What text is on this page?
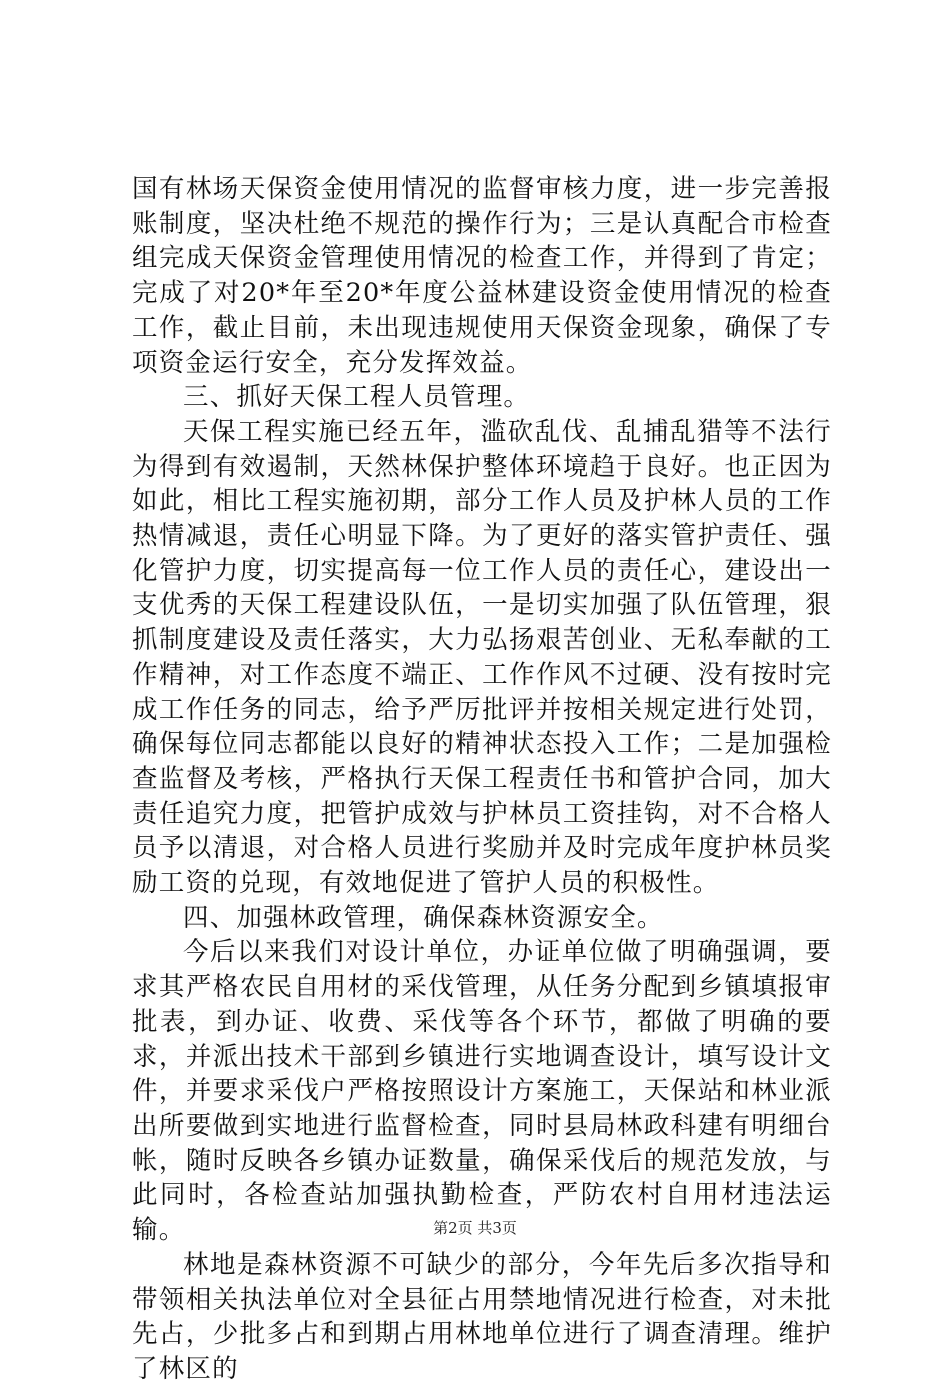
国有林场天保资金使用情况的监督审核力度，进一步完善报账制度，坚决杜绝不规范的操作行为；三是认真配合市检查组完成天保资金管理使用情况的检查工作，并得到了肯定；完成了对20*年至20*年度公益林建设资金使用情况的检查工作，截止目前，未出现违规使用天保资金现象，确保了专项资金运行安全，充分发挥效益。

三、抓好天保工程人员管理。

天保工程实施已经五年，滥砍乱伐、乱捕乱猎等不法行为得到有效遏制，天然林保护整体环境趋于良好。也正因为如此，相比工程实施初期，部分工作人员及护林人员的工作热情减退，责任心明显下降。为了更好的落实管护责任、强化管护力度，切实提高每一位工作人员的责任心，建设出一支优秀的天保工程建设队伍，一是切实加强了队伍管理，狠抓制度建设及责任落实，大力弘扬艰苦创业、无私奉献的工作精神，对工作态度不端正、工作作风不过硬、没有按时完成工作任务的同志，给予严厉批评并按相关规定进行处罚，确保每位同志都能以良好的精神状态投入工作；二是加强检查监督及考核，严格执行天保工程责任书和管护合同，加大责任追究力度，把管护成效与护林员工资挂钩，对不合格人员予以清退，对合格人员进行奖励并及时完成年度护林员奖励工资的兑现，有效地促进了管护人员的积极性。

四、加强林政管理，确保森林资源安全。

今后以来我们对设计单位，办证单位做了明确强调，要求其严格农民自用材的采伐管理，从任务分配到乡镇填报审批表，到办证、收费、采伐等各个环节，都做了明确的要求，并派出技术干部到乡镇进行实地调查设计，填写设计文件，并要求采伐户严格按照设计方案施工，天保站和林业派出所要做到实地进行监督检查，同时县局林政科建有明细台帐，随时反映各乡镇办证数量，确保采伐后的规范发放，与此同时，各检查站加强执勤检查，严防农村自用材违法运输。

林地是森林资源不可缺少的部分，今年先后多次指导和带领相关执法单位对全县征占用禁地情况进行检查，对未批先占，少批多占和到期占用林地单位进行了调查清理。维护了林区的

第2页 共3页
